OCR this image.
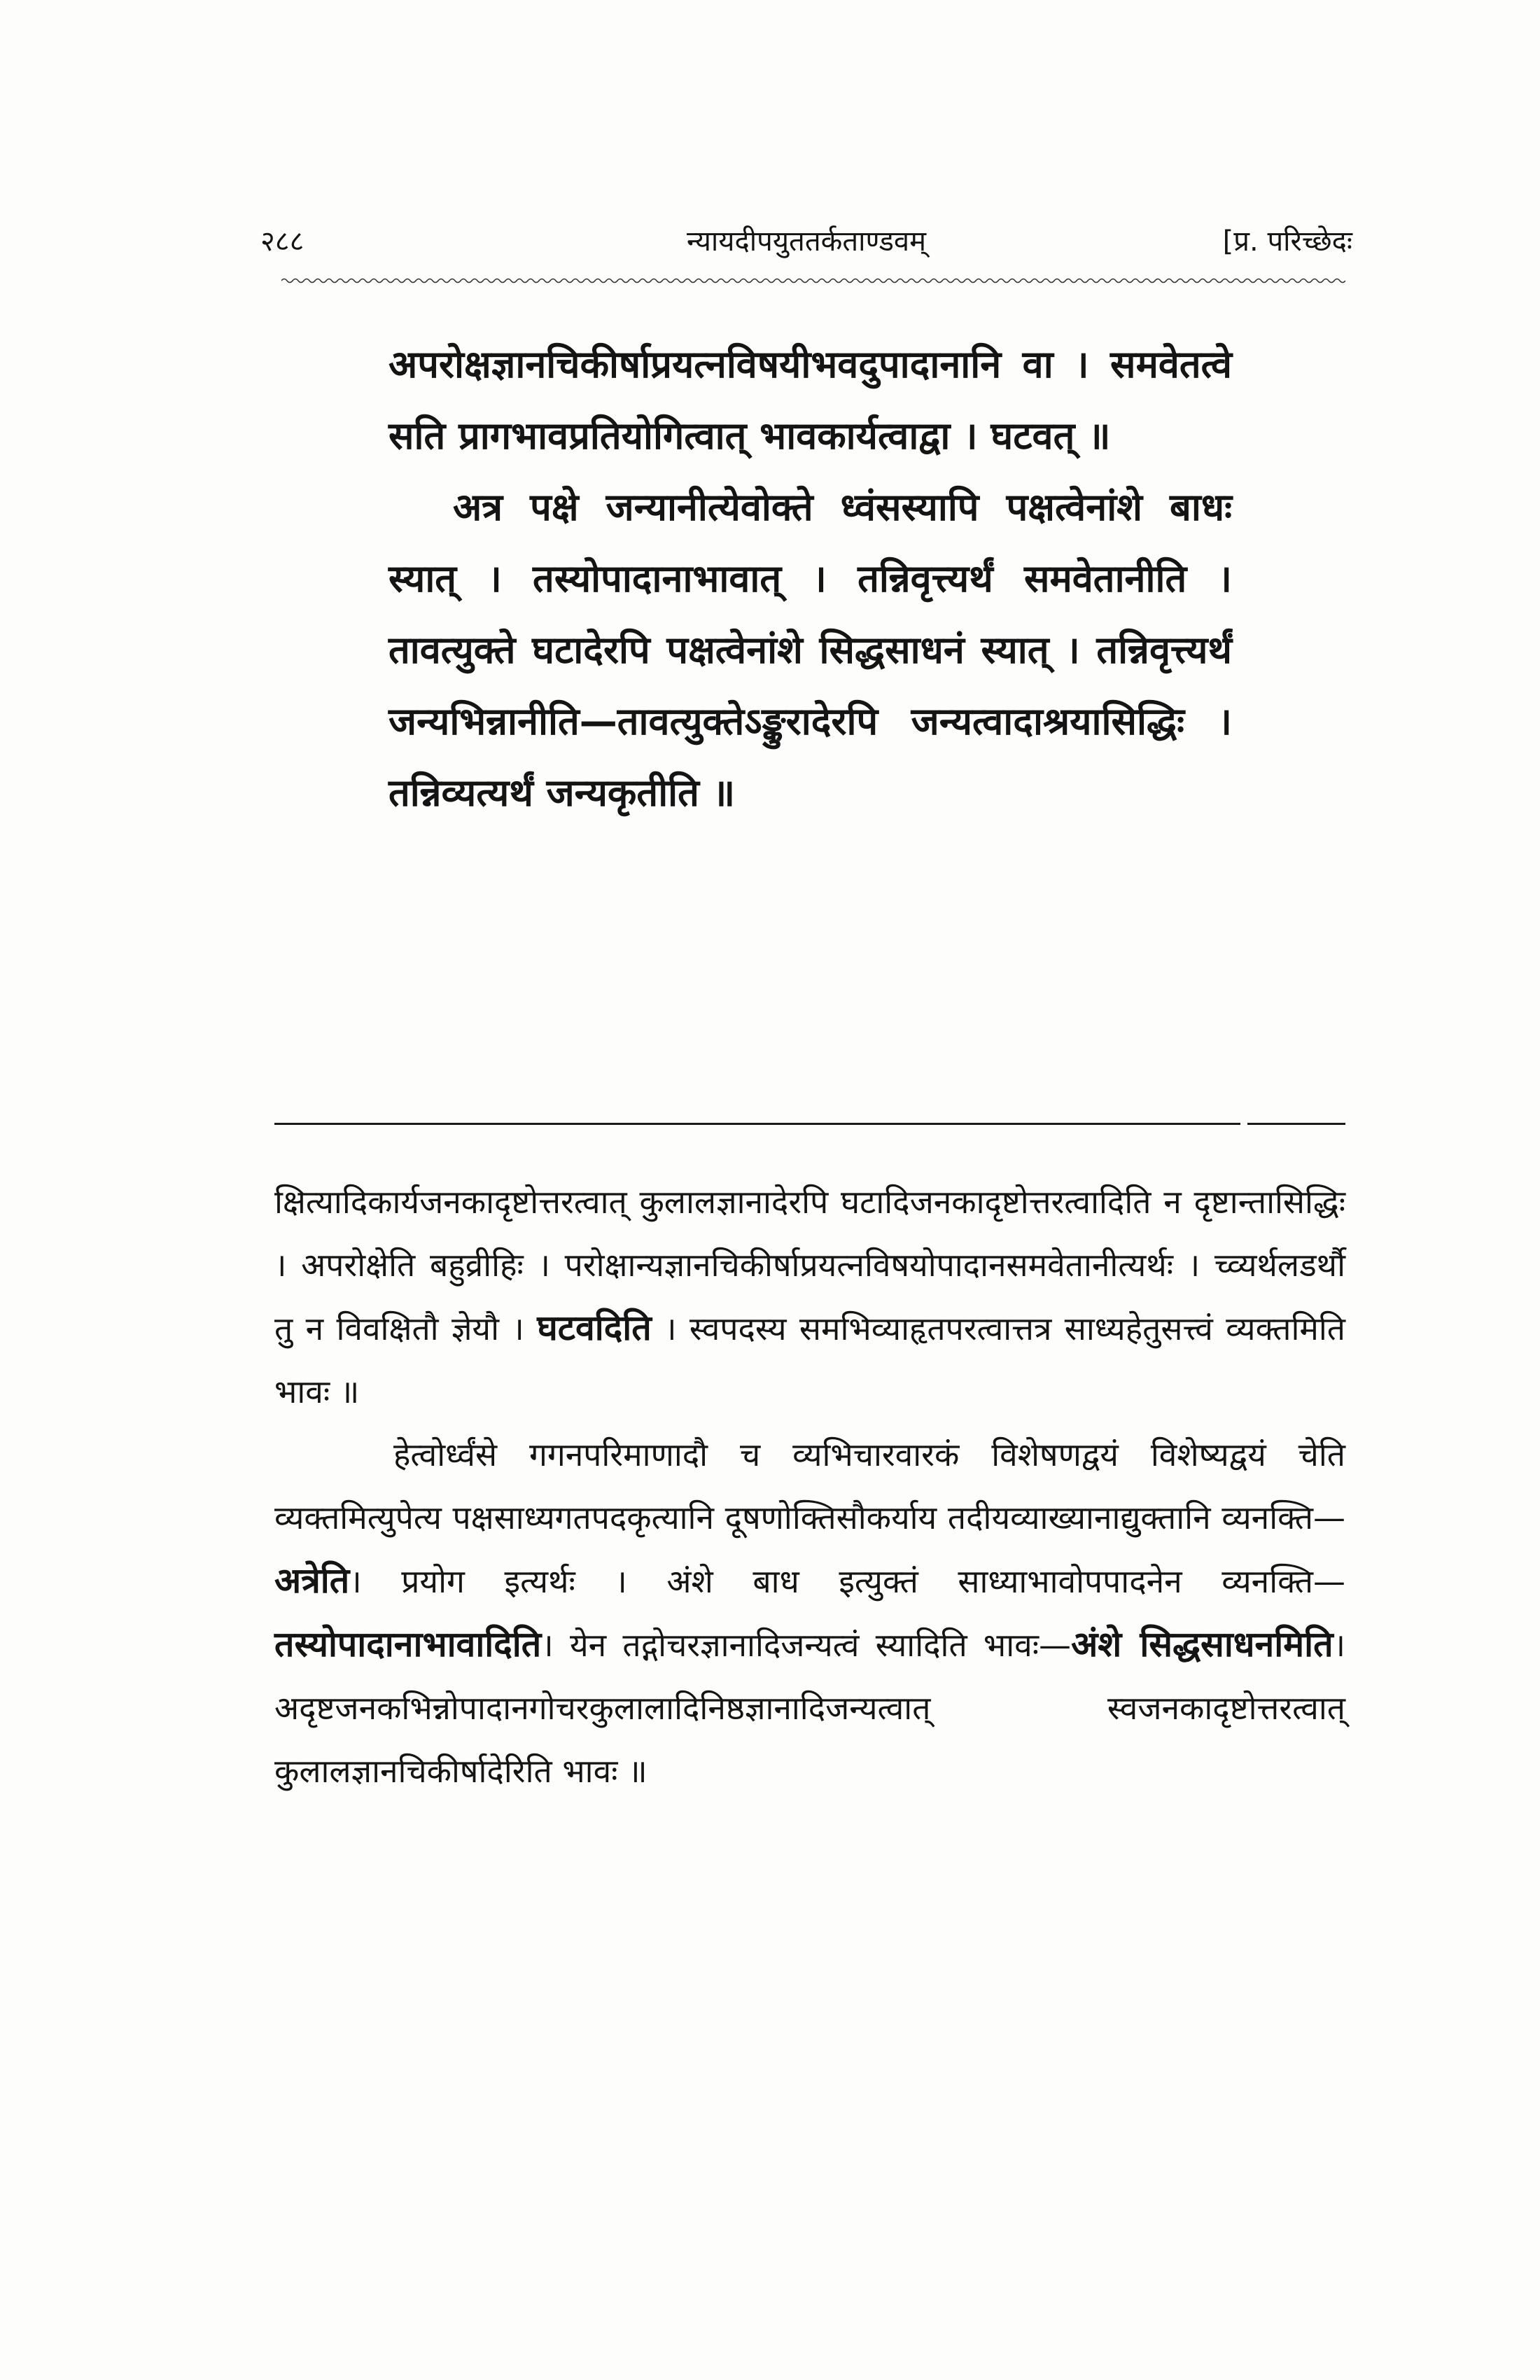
२८८	न्यायदीपयुततर्कताण्डवम्	[प्र. परिच्छेदः

अपरोक्षज्ञानचिकीर्षाप्रयत्नविषयीभवदुपादानानि वा । समवेतत्वे सति प्रागभावप्रतियोगित्वात् भावकार्यत्वाद्वा । घटवत् ॥

अत्र पक्षे जन्यानीत्येवोक्ते ध्वंसस्यापि पक्षत्वेनांशे बाधः स्यात् । तस्योपादानाभावात् । तन्निवृत्त्यर्थं समवेतानीति । तावत्युक्ते घटादेरपि पक्षत्वेनांशे सिद्धसाधनं स्यात् । तन्निवृत्त्यर्थं जन्यभिन्नानीति—तावत्युक्तेऽङ्कुरादेरपि जन्यत्वादाश्रयासिद्धिः । तन्निव्यत्यर्थं जन्यकृतीति ॥

क्षित्यादिकार्यजनकादृष्टोत्तरत्वात् कुलालज्ञानादेरपि घटादिजनकादृष्टोत्तरत्वादिति न दृष्टान्तासिद्धिः । अपरोक्षेति बहुव्रीहिः । परोक्षान्यज्ञानचिकीर्षाप्रयत्नविषयोपादानसमवेतानीत्यर्थः । च्व्यर्थलडर्थौ तु न विवक्षितौ ज्ञेयौ । घटवदिति । स्वपदस्य समभिव्याहृतपरत्वात्तत्र साध्यहेतुसत्त्वं व्यक्तमिति भावः ॥

हेत्वोर्ध्वंसे गगनपरिमाणादौ च व्यभिचारवारकं विशेषणद्वयं विशेष्यद्वयं चेति व्यक्तमित्युपेत्य पक्षसाध्यगतपदकृत्यानि दूषणोक्तिसौकर्याय तदीयव्याख्यानाद्युक्तानि व्यनक्ति—अत्रेति। प्रयोग इत्यर्थः । अंशे बाध इत्युक्तं साध्याभावोपपादनेन व्यनक्ति—तस्योपादानाभावादिति। येन तद्गोचरज्ञानादिजन्यत्वं स्यादिति भावः—अंशे सिद्धसाधनमिति। अदृष्टजनकभिन्नोपादानगोचरकुलालादिनिष्ठज्ञानादिजन्यत्वात् स्वजनकादृष्टोत्तरत्वात् कुलालज्ञानचिकीर्षादेरिति भावः ॥
